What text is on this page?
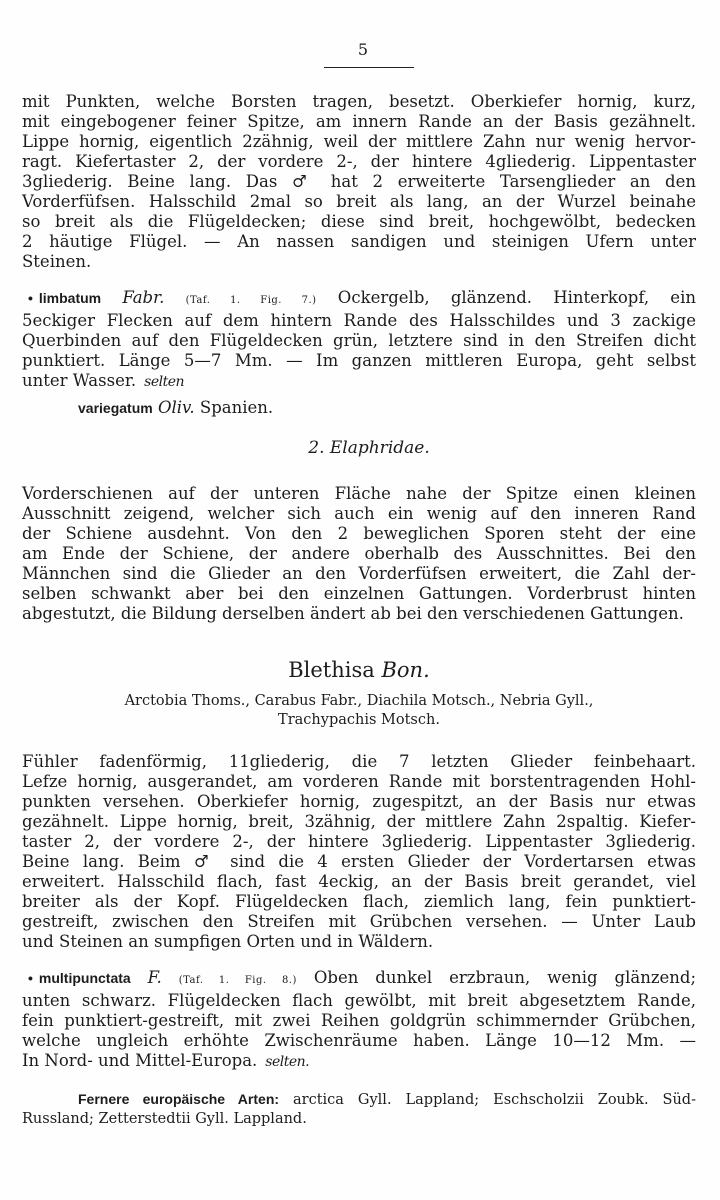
5

mit Punkten, welche Borsten tragen, besetzt. Oberkiefer hornig, kurz,
mit eingebogener feiner Spitze, am innern Rande an der Basis gezähnelt.
Lippe hornig, eigentlich 2zähnig, weil der mittlere Zahn nur wenig hervor-
ragt. Kiefertaster 2, der vordere 2-, der hintere 4gliederig. Lippentaster
3gliederig. Beine lang. Das ♂ hat 2 erweiterte Tarsenglieder an den
Vorderfüfsen. Halsschild 2mal so breit als lang, an der Wurzel beinahe
so breit als die Flügeldecken; diese sind breit, hochgewölbt, bedecken
2 häutige Flügel. — An nassen sandigen und steinigen Ufern unter
Steinen.

• limbatum Fabr. (Taf. 1. Fig. 7.) Ockergelb, glänzend. Hinterkopf, ein
5eckiger Flecken auf dem hintern Rande des Halsschildes und 3 zackige
Querbinden auf den Flügeldecken grün, letztere sind in den Streifen dicht
punktiert. Länge 5—7 Mm. — Im ganzen mittleren Europa, geht selbst
unter Wasser. selten
variegatum Oliv. Spanien.
2. Elaphridae.

Vorderschienen auf der unteren Fläche nahe der Spitze einen kleinen
Ausschnitt zeigend, welcher sich auch ein wenig auf den inneren Rand
der Schiene ausdehnt. Von den 2 beweglichen Sporen steht der eine
am Ende der Schiene, der andere oberhalb des Ausschnittes. Bei den
Männchen sind die Glieder an den Vorderfüfsen erweitert, die Zahl der-
selben schwankt aber bei den einzelnen Gattungen. Vorderbrust hinten
abgestutzt, die Bildung derselben ändert ab bei den verschiedenen Gattungen.

Blethisa Bon.
Arctobia Thoms., Carabus Fabr., Diachila Motsch., Nebria Gyll.,
Trachypachis Motsch.

Fühler fadenförmig, 11gliederig, die 7 letzten Glieder feinbehaart.
Lefze hornig, ausgerandet, am vorderen Rande mit borstentragenden Hohl-
punkten versehen. Oberkiefer hornig, zugespitzt, an der Basis nur etwas
gezähnelt. Lippe hornig, breit, 3zähnig, der mittlere Zahn 2spaltig. Kiefer-
taster 2, der vordere 2-, der hintere 3gliederig. Lippentaster 3gliederig.
Beine lang. Beim ♂ sind die 4 ersten Glieder der Vordertarsen etwas
erweitert. Halsschild flach, fast 4eckig, an der Basis breit gerandet, viel
breiter als der Kopf. Flügeldecken flach, ziemlich lang, fein punktiert-
gestreift, zwischen den Streifen mit Grübchen versehen. — Unter Laub
und Steinen an sumpfigen Orten und in Wäldern.

• multipunctata F. (Taf. 1. Fig. 8.) Oben dunkel erzbraun, wenig glänzend;
unten schwarz. Flügeldecken flach gewölbt, mit breit abgesetztem Rande,
fein punktiert-gestreift, mit zwei Reihen goldgrün schimmernder Grübchen,
welche ungleich erhöhte Zwischenräume haben. Länge 10—12 Mm. —
In Nord- und Mittel-Europa. selten.
Fernere europäische Arten: arctica Gyll. Lappland; Eschscholzii Zoubk. Süd-
Russland; Zetterstedtii Gyll. Lappland.
